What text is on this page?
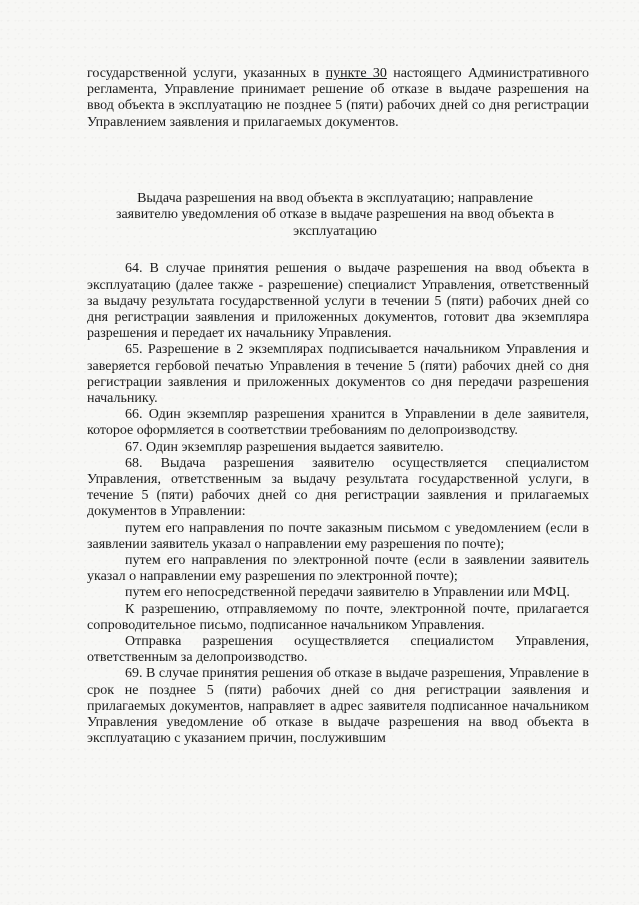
государственной услуги, указанных в пункте 30 настоящего Административного регламента, Управление принимает решение об отказе в выдаче разрешения на ввод объекта в эксплуатацию не позднее 5 (пяти) рабочих дней со дня регистрации Управлением заявления и прилагаемых документов.

Выдача разрешения на ввод объекта в эксплуатацию; направление заявителю уведомления об отказе в выдаче разрешения на ввод объекта в эксплуатацию

64. В случае принятия решения о выдаче разрешения на ввод объекта в эксплуатацию (далее также - разрешение) специалист Управления, ответственный за выдачу результата государственной услуги в течении 5 (пяти) рабочих дней со дня регистрации заявления и приложенных документов, готовит два экземпляра разрешения и передает их начальнику Управления.

65. Разрешение в 2 экземплярах подписывается начальником Управления и заверяется гербовой печатью Управления в течение 5 (пяти) рабочих дней со дня регистрации заявления и приложенных документов со дня передачи разрешения начальнику.

66. Один экземпляр разрешения хранится в Управлении в деле заявителя, которое оформляется в соответствии требованиям по делопроизводству.

67. Один экземпляр разрешения выдается заявителю.

68. Выдача разрешения заявителю осуществляется специалистом Управления, ответственным за выдачу результата государственной услуги, в течение 5 (пяти) рабочих дней со дня регистрации заявления и прилагаемых документов в Управлении:

путем его направления по почте заказным письмом с уведомлением (если в заявлении заявитель указал о направлении ему разрешения по почте);

путем его направления по электронной почте (если в заявлении заявитель указал о направлении ему разрешения по электронной почте);

путем его непосредственной передачи заявителю в Управлении или МФЦ.

К разрешению, отправляемому по почте, электронной почте, прилагается сопроводительное письмо, подписанное начальником Управления.

Отправка разрешения осуществляется специалистом Управления, ответственным за делопроизводство.

69. В случае принятия решения об отказе в выдаче разрешения, Управление в срок не позднее 5 (пяти) рабочих дней со дня регистрации заявления и прилагаемых документов, направляет в адрес заявителя подписанное начальником Управления уведомление об отказе в выдаче разрешения на ввод объекта в эксплуатацию с указанием причин, послужившим
